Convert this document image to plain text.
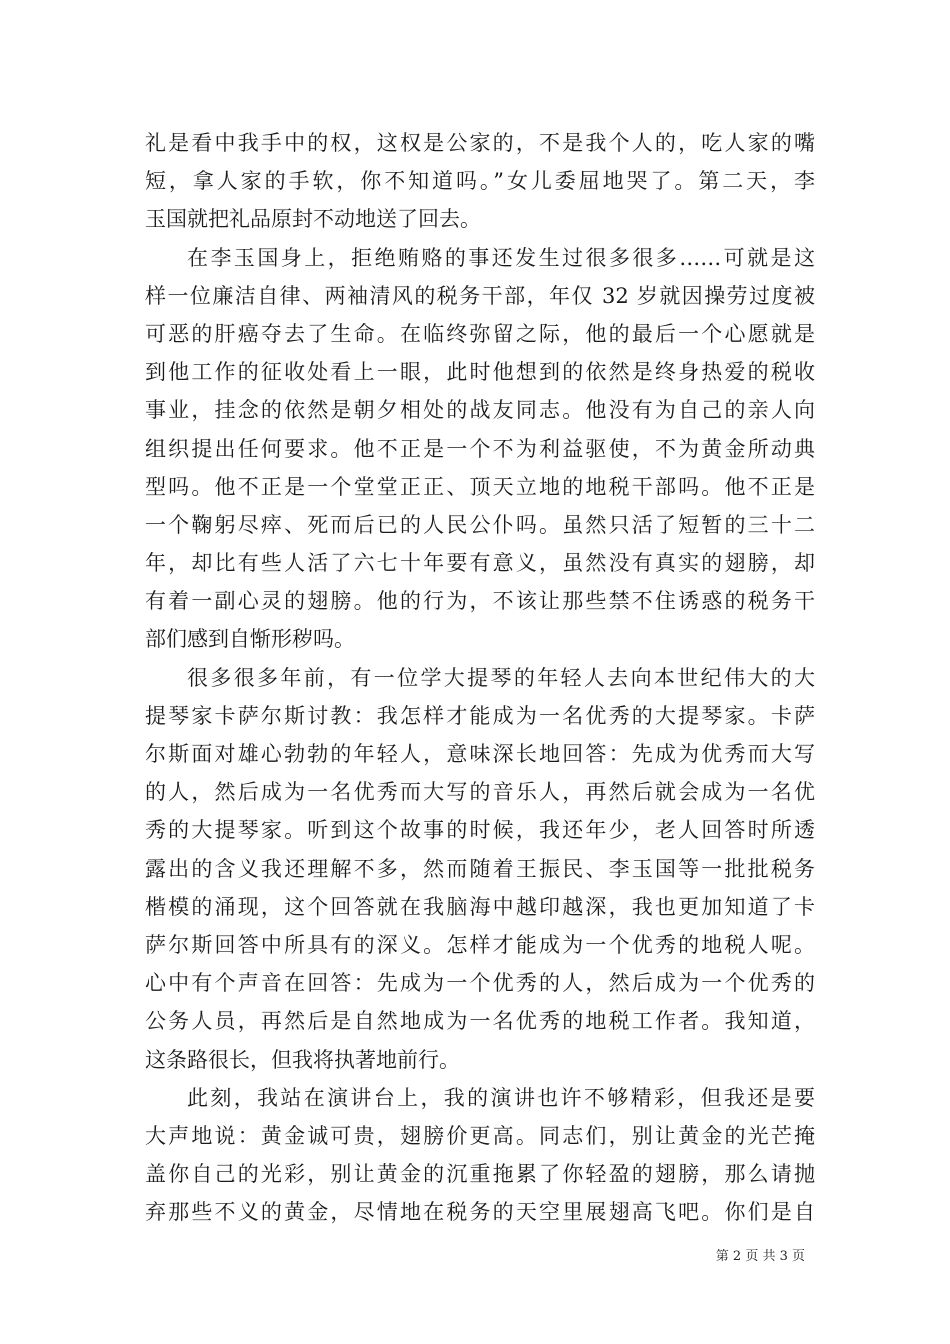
礼是看中我手中的权，这权是公家的，不是我个人的，吃人家的嘴
短，拿人家的手软，你不知道吗。”女儿委屈地哭了。第二天，李
玉国就把礼品原封不动地送了回去。
在李玉国身上，拒绝贿赂的事还发生过很多很多……可就是这
样一位廉洁自律、两袖清风的税务干部，年仅 32 岁就因操劳过度被
可恶的肝癌夺去了生命。在临终弥留之际，他的最后一个心愿就是
到他工作的征收处看上一眼，此时他想到的依然是终身热爱的税收
事业，挂念的依然是朝夕相处的战友同志。他没有为自己的亲人向
组织提出任何要求。他不正是一个不为利益驱使，不为黄金所动典
型吗。他不正是一个堂堂正正、顶天立地的地税干部吗。他不正是
一个鞠躬尽瘁、死而后已的人民公仆吗。虽然只活了短暂的三十二
年，却比有些人活了六七十年要有意义，虽然没有真实的翅膀，却
有着一副心灵的翅膀。他的行为，不该让那些禁不住诱惑的税务干
部们感到自惭形秽吗。
很多很多年前，有一位学大提琴的年轻人去向本世纪伟大的大
提琴家卡萨尔斯讨教：我怎样才能成为一名优秀的大提琴家。卡萨
尔斯面对雄心勃勃的年轻人，意味深长地回答：先成为优秀而大写
的人，然后成为一名优秀而大写的音乐人，再然后就会成为一名优
秀的大提琴家。听到这个故事的时候，我还年少，老人回答时所透
露出的含义我还理解不多，然而随着王振民、李玉国等一批批税务
楷模的涌现，这个回答就在我脑海中越印越深，我也更加知道了卡
萨尔斯回答中所具有的深义。怎样才能成为一个优秀的地税人呢。
心中有个声音在回答：先成为一个优秀的人，然后成为一个优秀的
公务人员，再然后是自然地成为一名优秀的地税工作者。我知道，
这条路很长，但我将执著地前行。
此刻，我站在演讲台上，我的演讲也许不够精彩，但我还是要
大声地说：黄金诚可贵，翅膀价更高。同志们，别让黄金的光芒掩
盖你自己的光彩，别让黄金的沉重拖累了你轻盈的翅膀，那么请抛
弃那些不义的黄金，尽情地在税务的天空里展翅高飞吧。你们是自
第 2 页 共 3 页
